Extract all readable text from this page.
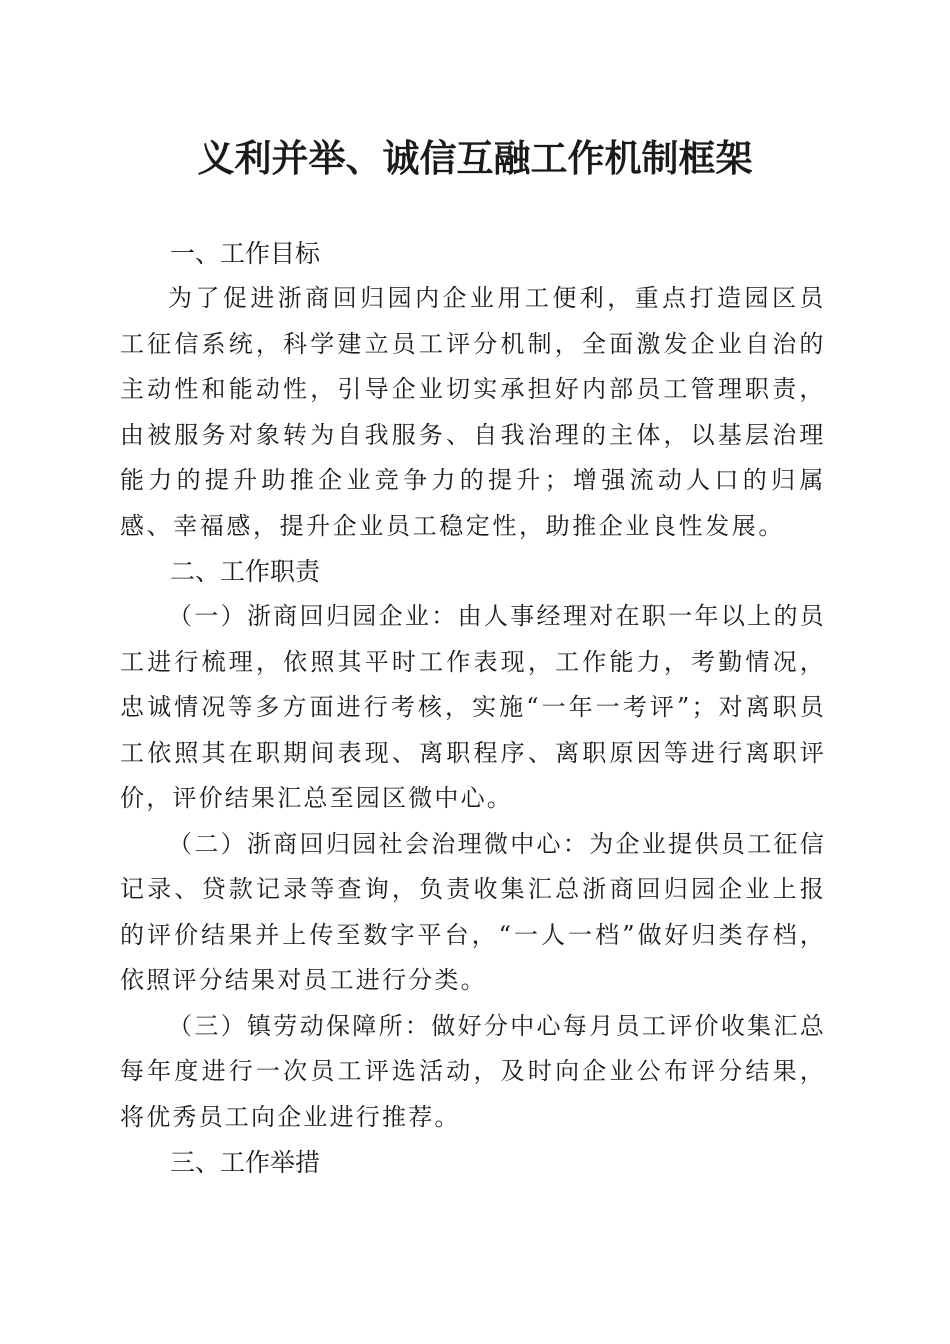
义利并举、诚信互融工作机制框架
一、工作目标

为了促进浙商回归园内企业用工便利，重点打造园区员工征信系统，科学建立员工评分机制，全面激发企业自治的主动性和能动性，引导企业切实承担好内部员工管理职责，由被服务对象转为自我服务、自我治理的主体，以基层治理能力的提升助推企业竞争力的提升；增强流动人口的归属感、幸福感，提升企业员工稳定性，助推企业良性发展。

二、工作职责

（一）浙商回归园企业：由人事经理对在职一年以上的员工进行梳理，依照其平时工作表现，工作能力，考勤情况，忠诚情况等多方面进行考核，实施“一年一考评”；对离职员工依照其在职期间表现、离职程序、离职原因等进行离职评价，评价结果汇总至园区微中心。

（二）浙商回归园社会治理微中心：为企业提供员工征信记录、贷款记录等查询，负责收集汇总浙商回归园企业上报的评价结果并上传至数字平台，“一人一档”做好归类存档，依照评分结果对员工进行分类。

（三）镇劳动保障所：做好分中心每月员工评价收集汇总每年度进行一次员工评选活动，及时向企业公布评分结果，将优秀员工向企业进行推荐。

三、工作举措
